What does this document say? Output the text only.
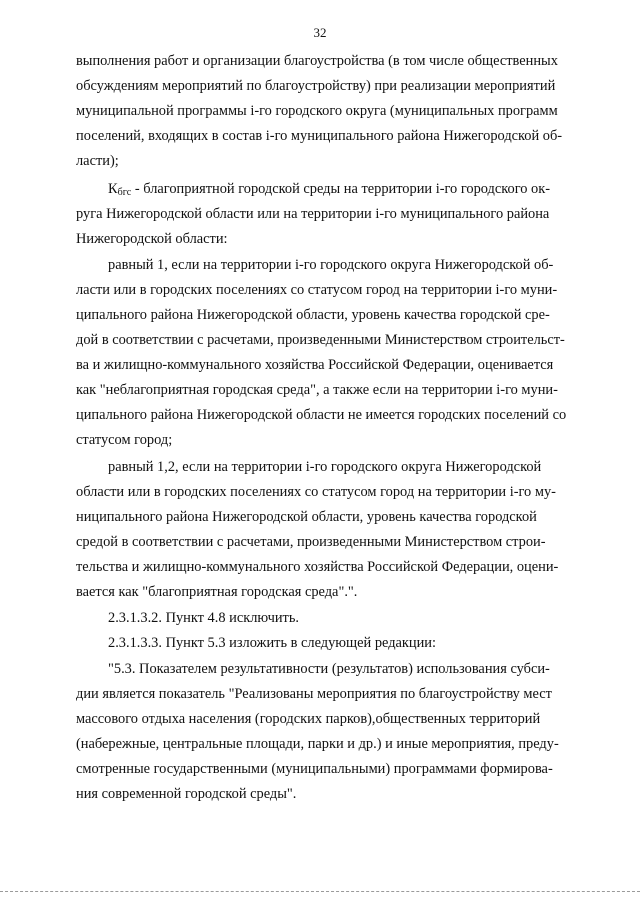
32
выполнения работ и организации благоустройства (в том числе общественных
обсуждениям мероприятий по благоустройству) при реализации мероприятий
муниципальной программы i-го городского округа (муниципальных программ
поселений, входящих в состав i-го муниципального района Нижегородской об-
ласти);
Кбгс - благоприятной городской среды на территории i-го городского ок-
руга Нижегородской области или на территории i-го муниципального района
Нижегородской области:
равный 1, если на территории i-го городского округа Нижегородской об-
ласти или в городских поселениях со статусом город на территории i-го муни-
ципального района Нижегородской области, уровень качества городской сре-
дой в соответствии с расчетами, произведенными Министерством строительст-
ва и жилищно-коммунального хозяйства Российской Федерации, оценивается
как "неблагоприятная городская среда", а также если на территории i-го муни-
ципального района Нижегородской области не имеется городских поселений со
статусом город;
равный 1,2, если на территории i-го городского округа Нижегородской
области или в городских поселениях со статусом город на территории i-го му-
ниципального района Нижегородской области, уровень качества городской
средой в соответствии с расчетами, произведенными Министерством строи-
тельства и жилищно-коммунального хозяйства Российской Федерации, оцени-
вается как "благоприятная городская среда".".
2.3.1.3.2. Пункт 4.8 исключить.
2.3.1.3.3. Пункт 5.3 изложить в следующей редакции:
"5.3. Показателем результативности (результатов) использования субси-
дии является показатель "Реализованы мероприятия по благоустройству мест
массового отдыха населения (городских парков),общественных территорий
(набережные, центральные площади, парки и др.) и иные мероприятия, преду-
смотренные государственными (муниципальными) программами формирова-
ния современной городской среды".
